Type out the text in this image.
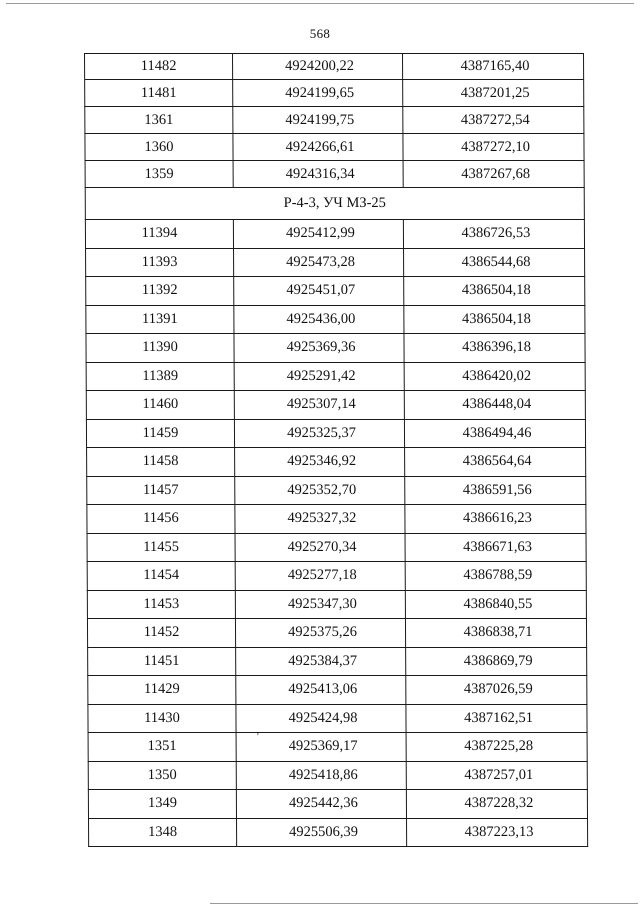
568
11482	4924200,22	4387165,40
11481	4924199,65	4387201,25
1361	4924199,75	4387272,54
1360	4924266,61	4387272,10
1359	4924316,34	4387267,68
Р-4-3, УЧ МЗ-25
11394	4925412,99	4386726,53
11393	4925473,28	4386544,68
11392	4925451,07	4386504,18
11391	4925436,00	4386504,18
11390	4925369,36	4386396,18
11389	4925291,42	4386420,02
11460	4925307,14	4386448,04
11459	4925325,37	4386494,46
11458	4925346,92	4386564,64
11457	4925352,70	4386591,56
11456	4925327,32	4386616,23
11455	4925270,34	4386671,63
11454	4925277,18	4386788,59
11453	4925347,30	4386840,55
11452	4925375,26	4386838,71
11451	4925384,37	4386869,79
11429	4925413,06	4387026,59
11430	4925424,98	4387162,51
1351	4925369,17	4387225,28
1350	4925418,86	4387257,01
1349	4925442,36	4387228,32
1348	4925506,39	4387223,13
'
